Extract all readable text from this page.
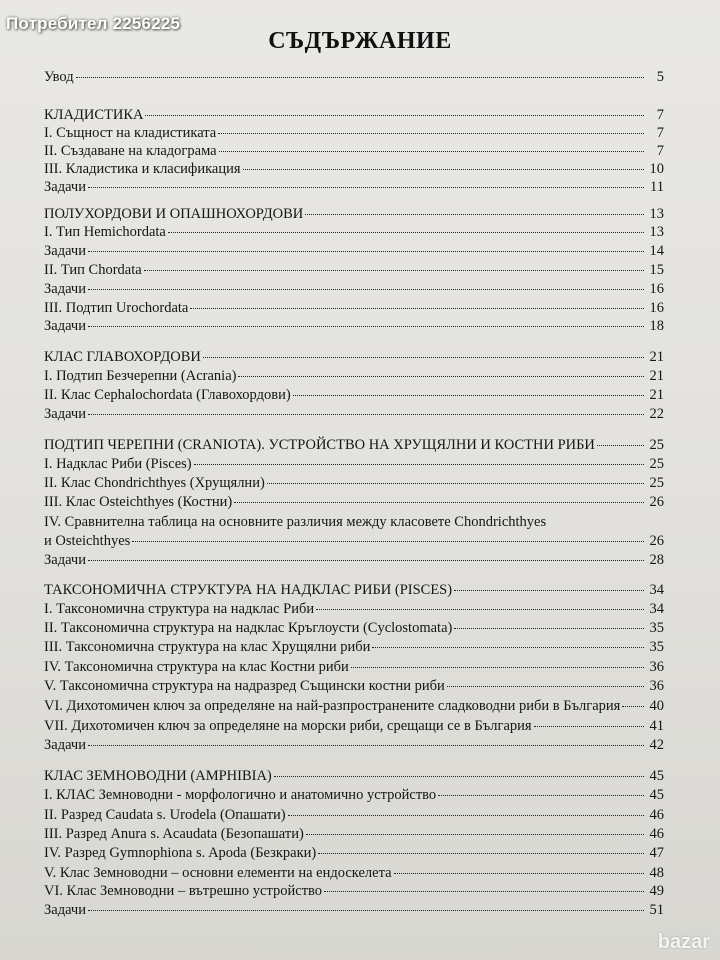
Потребител 2256225
СЪДЪРЖАНИЕ
Увод	5
КЛАДИСТИКА	7
І. Същност на кладистиката	7
ІІ. Създаване на кладограма	7
ІІІ. Кладистика и класификация	10
Задачи	11
ПОЛУХОРДОВИ И ОПАШНОХОРДОВИ	13
І. Тип Hemichordata	13
Задачи	14
ІІ. Тип Chordata	15
Задачи	16
ІІІ. Подтип Urochordata	16
Задачи	18
КЛАС ГЛАВОХОРДОВИ	21
І. Подтип Безчерепни (Acrania)	21
ІІ. Клас Cephalochordata (Главохордови)	21
Задачи	22
ПОДТИП ЧЕРЕПНИ (CRANIOTA). УСТРОЙСТВО НА ХРУЩЯЛНИ И КОСТНИ РИБИ	25
І. Надклас Риби (Pisces)	25
ІІ. Клас Chondrichthyes (Хрущялни)	25
ІІІ. Клас Osteichthyes (Костни)	26
ІV. Сравнителна таблица на основните различия между класовете Chondrichthyes
и Osteichthyes	26
Задачи	28
ТАКСОНОМИЧНА СТРУКТУРА НА НАДКЛАС РИБИ (PISCES)	34
І. Таксономична структура на надклас Риби	34
ІІ. Таксономична структура на надклас Кръглоусти (Cyclostomata)	35
ІІІ. Таксономична структура на клас Хрущялни риби	35
ІV. Таксономична структура на клас Костни риби	36
V. Таксономична структура на надразред Същински костни риби	36
VI. Дихотомичен ключ за определяне на най-разпространените сладководни риби в България 40
VII. Дихотомичен ключ за определяне на морски риби, срещащи се в България	41
Задачи	42
КЛАС ЗЕМНОВОДНИ (AMPHIBIA)	45
І. КЛАС Земноводни - морфологично и анатомично устройство	45
ІІ. Разред Caudata s. Urodela (Опашати)	46
ІІІ. Разред Anura s. Acaudata (Безопашати)	46
ІV. Разред Gymnophiona s. Apoda (Безкраки)	47
V. Клас Земноводни – основни елементи на ендоскелета	48
VI. Клас Земноводни – вътрешно устройство	49
Задачи	51
bazar
